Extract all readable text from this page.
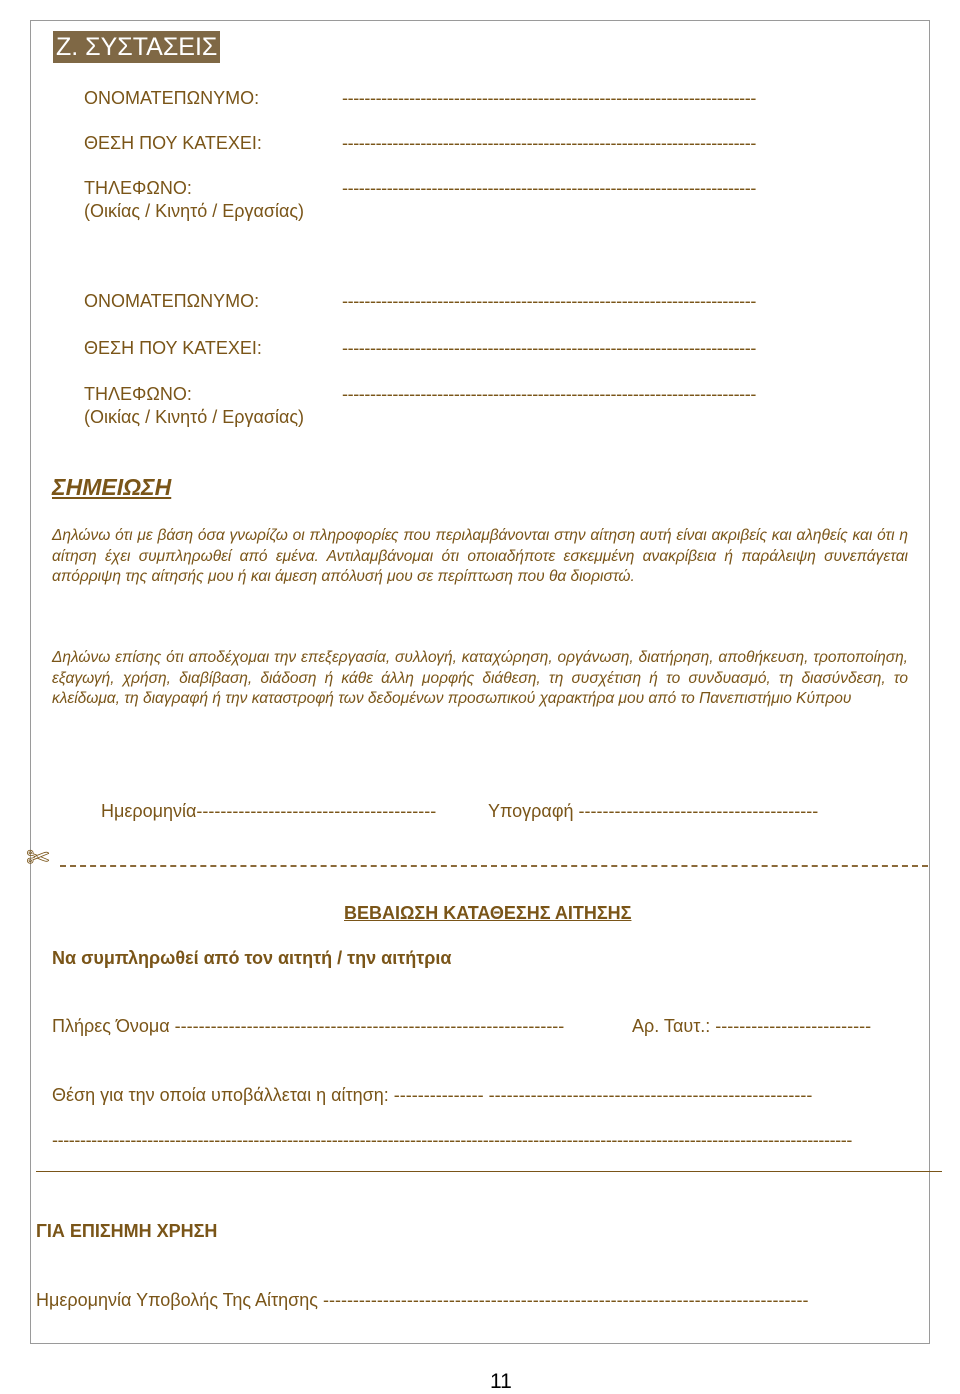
Ζ. ΣΥΣΤΑΣΕΙΣ
ΟΝΟΜΑΤΕΠΩΝΥΜΟ:	--------------------------------------------------------------------------
ΘΕΣΗ ΠΟΥ ΚΑΤΕΧΕΙ:	--------------------------------------------------------------------------
ΤΗΛΕΦΩΝΟ:
(Οικίας / Κινητό / Εργασίας)
--------------------------------------------------------------------------
ΟΝΟΜΑΤΕΠΩΝΥΜΟ:	--------------------------------------------------------------------------
ΘΕΣΗ ΠΟΥ ΚΑΤΕΧΕΙ:	--------------------------------------------------------------------------
ΤΗΛΕΦΩΝΟ:
(Οικίας / Κινητό / Εργασίας)
--------------------------------------------------------------------------
ΣΗΜΕΙΩΣΗ
Δηλώνω ότι με βάση όσα γνωρίζω οι πληροφορίες που περιλαμβάνονται στην αίτηση αυτή είναι ακριβείς και αληθείς και ότι η αίτηση έχει συμπληρωθεί από εμένα. Αντιλαμβάνομαι ότι οποιαδήποτε εσκεμμένη ανακρίβεια ή παράλειψη συνεπάγεται απόρριψη της αίτησής μου ή και άμεση απόλυσή μου σε περίπτωση που θα διοριστώ.
Δηλώνω επίσης ότι αποδέχομαι την επεξεργασία, συλλογή, καταχώρηση, οργάνωση, διατήρηση, αποθήκευση, τροποποίηση, εξαγωγή, χρήση, διαβίβαση, διάδοση ή κάθε άλλη μορφής διάθεση, τη συσχέτιση ή το συνδυασμό, τη διασύνδεση, το κλείδωμα, τη διαγραφή ή την καταστροφή των δεδομένων προσωπικού χαρακτήρα μου από το Πανεπιστήμιο Κύπρου
Ημερομηνία----------------------------------------	Υπογραφή ----------------------------------------
✄
ΒΕΒΑΙΩΣΗ ΚΑΤΑΘΕΣΗΣ ΑΙΤΗΣΗΣ
Να συμπληρωθεί από τον αιτητή / την αιτήτρια
Πλήρες Όνομα -----------------------------------------------------------------	Αρ. Ταυτ.: --------------------------
Θέση για την οποία υποβάλλεται η αίτηση: --------------- ------------------------------------------------------
-----------------------------------------------------------------------------------------------------------------------------------------------
ΓΙΑ ΕΠΙΣΗΜΗ ΧΡΗΣΗ
Ημερομηνία Υποβολής Της Αίτησης ---------------------------------------------------------------------------------
11
